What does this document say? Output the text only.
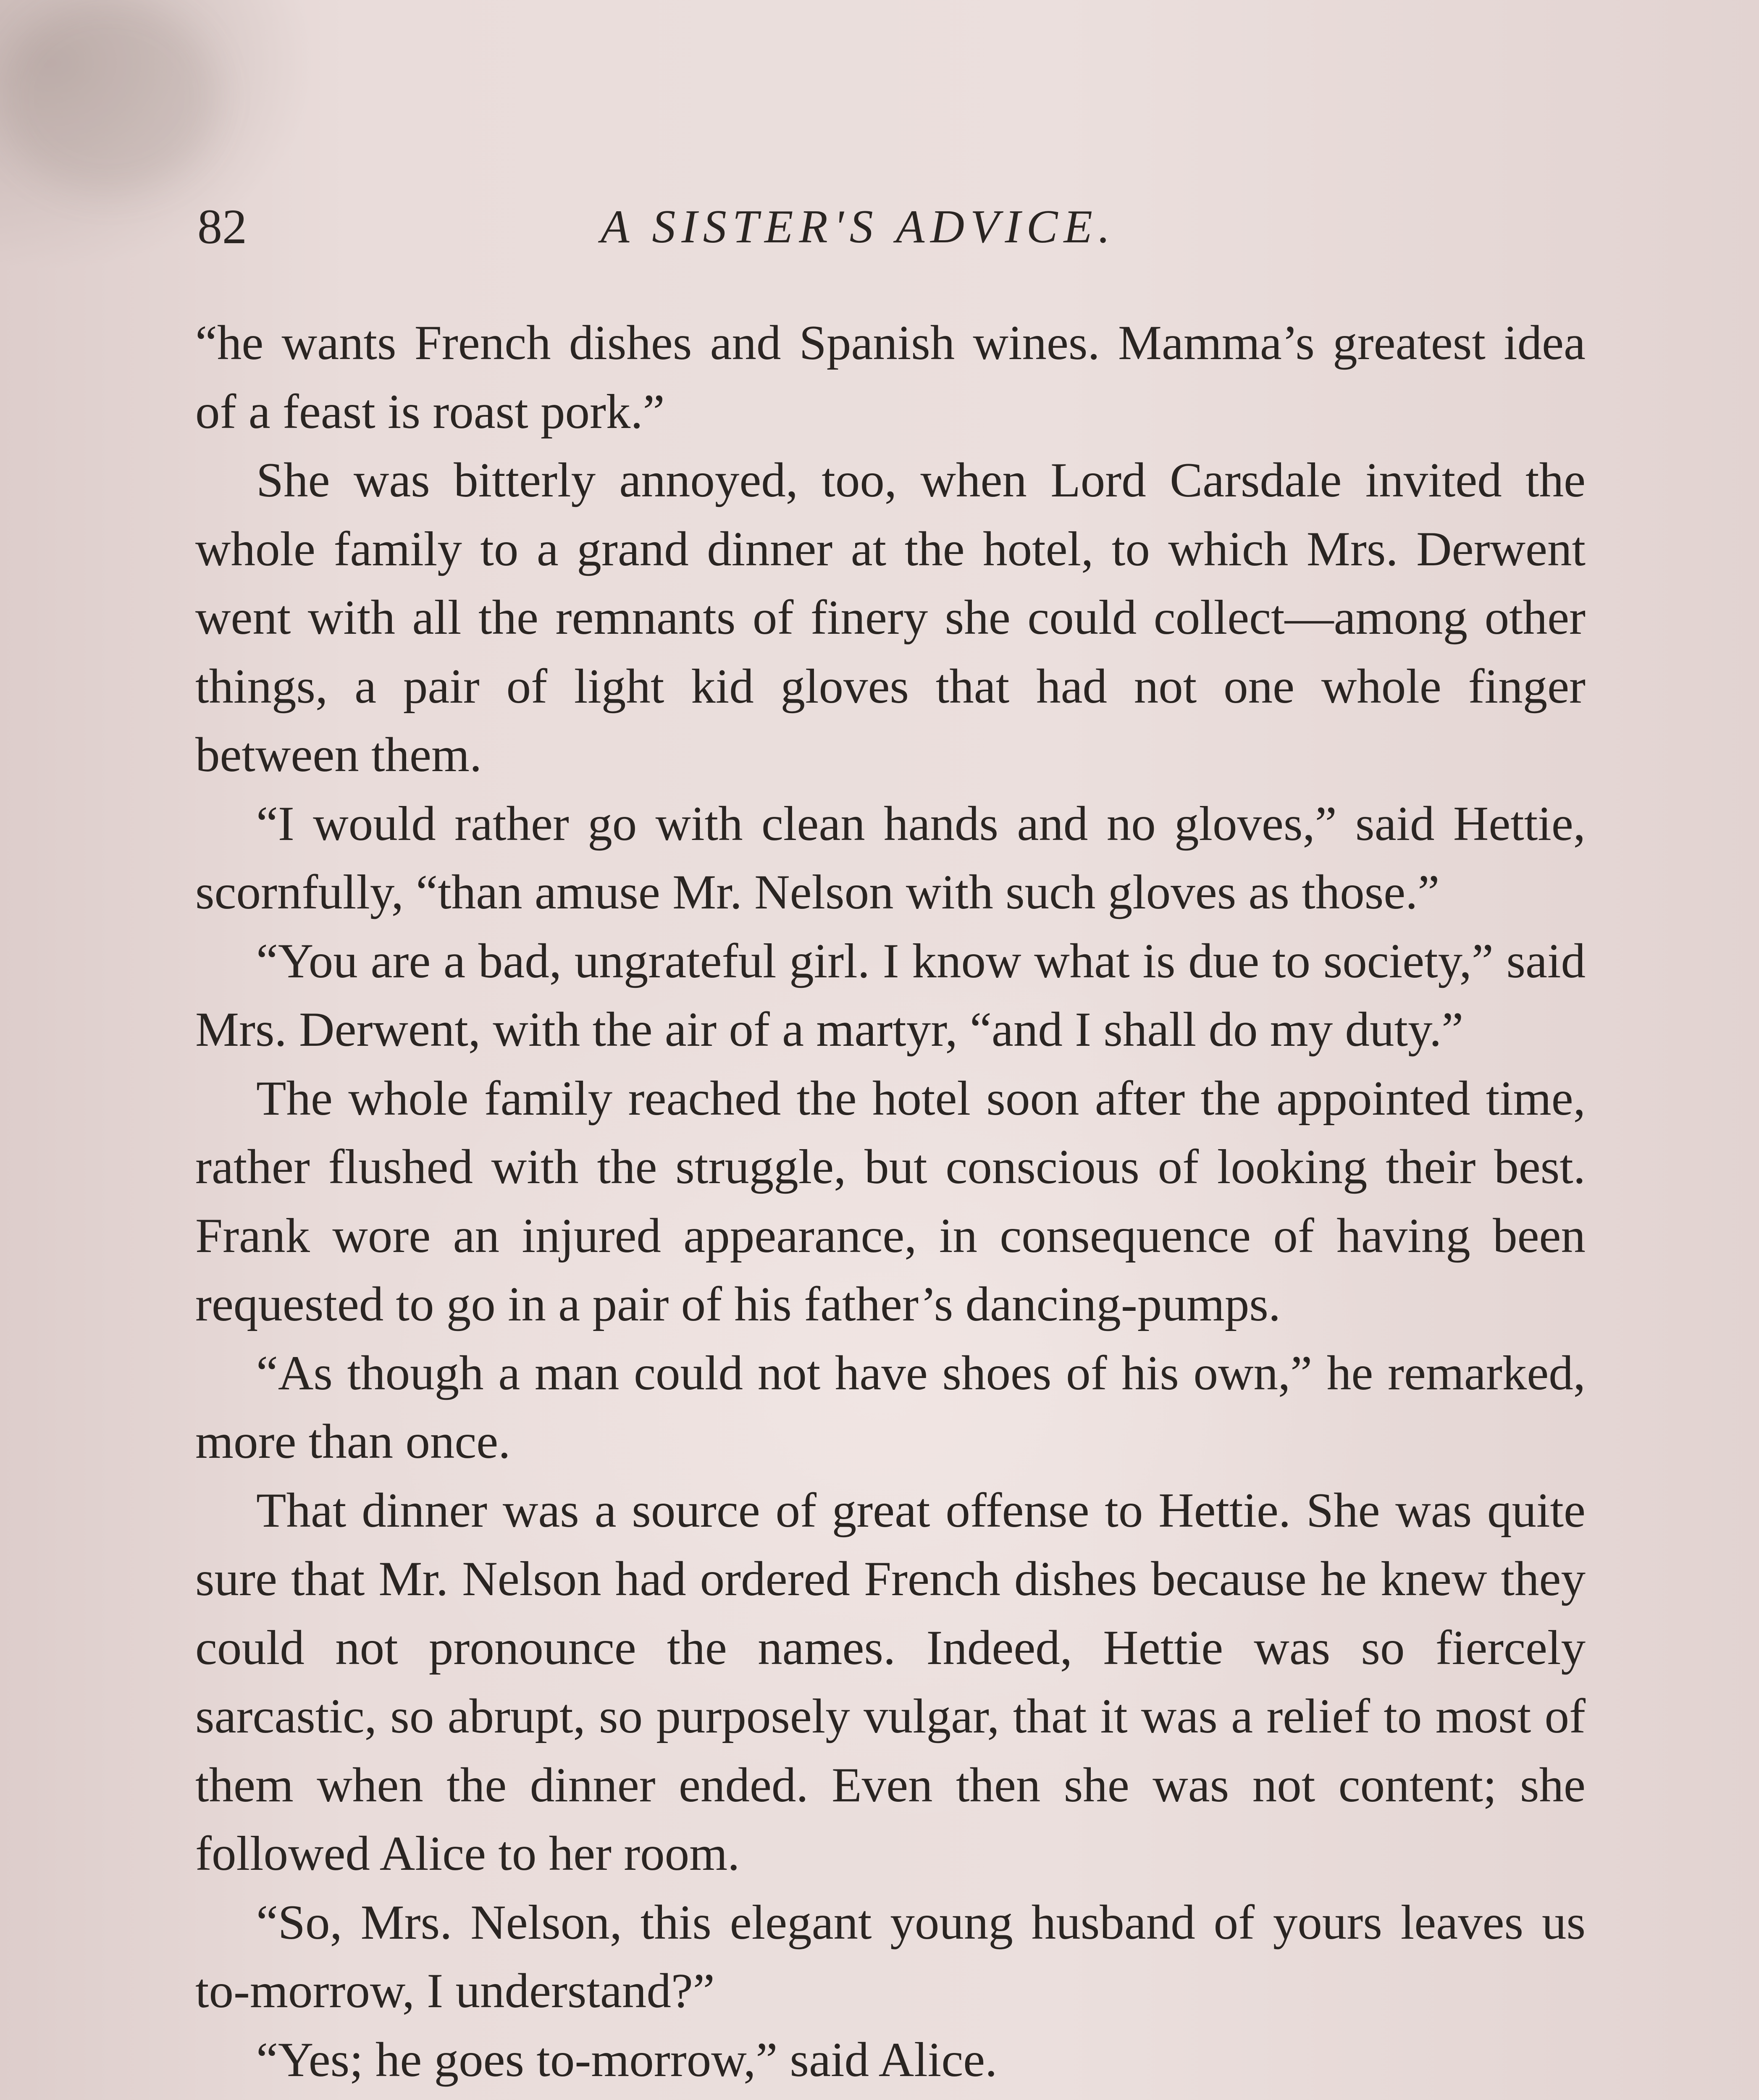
82	A SISTER'S ADVICE.

“he wants French dishes and Spanish wines. Mamma’s greatest idea of a feast is roast pork.”

She was bitterly annoyed, too, when Lord Carsdale invited the whole family to a grand dinner at the hotel, to which Mrs. Derwent went with all the remnants of finery she could collect—among other things, a pair of light kid gloves that had not one whole finger between them.

“I would rather go with clean hands and no gloves,” said Hettie, scornfully, “than amuse Mr. Nelson with such gloves as those.”

“You are a bad, ungrateful girl. I know what is due to society,” said Mrs. Derwent, with the air of a martyr, “and I shall do my duty.”

The whole family reached the hotel soon after the appointed time, rather flushed with the struggle, but conscious of looking their best. Frank wore an injured appearance, in consequence of having been requested to go in a pair of his father’s dancing-pumps.

“As though a man could not have shoes of his own,” he remarked, more than once.

That dinner was a source of great offense to Hettie. She was quite sure that Mr. Nelson had ordered French dishes because he knew they could not pronounce the names. Indeed, Hettie was so fiercely sarcastic, so abrupt, so purposely vulgar, that it was a relief to most of them when the dinner ended. Even then she was not content; she followed Alice to her room.

“So, Mrs. Nelson, this elegant young husband of yours leaves us to-morrow, I understand?”

“Yes; he goes to-morrow,” said Alice.
